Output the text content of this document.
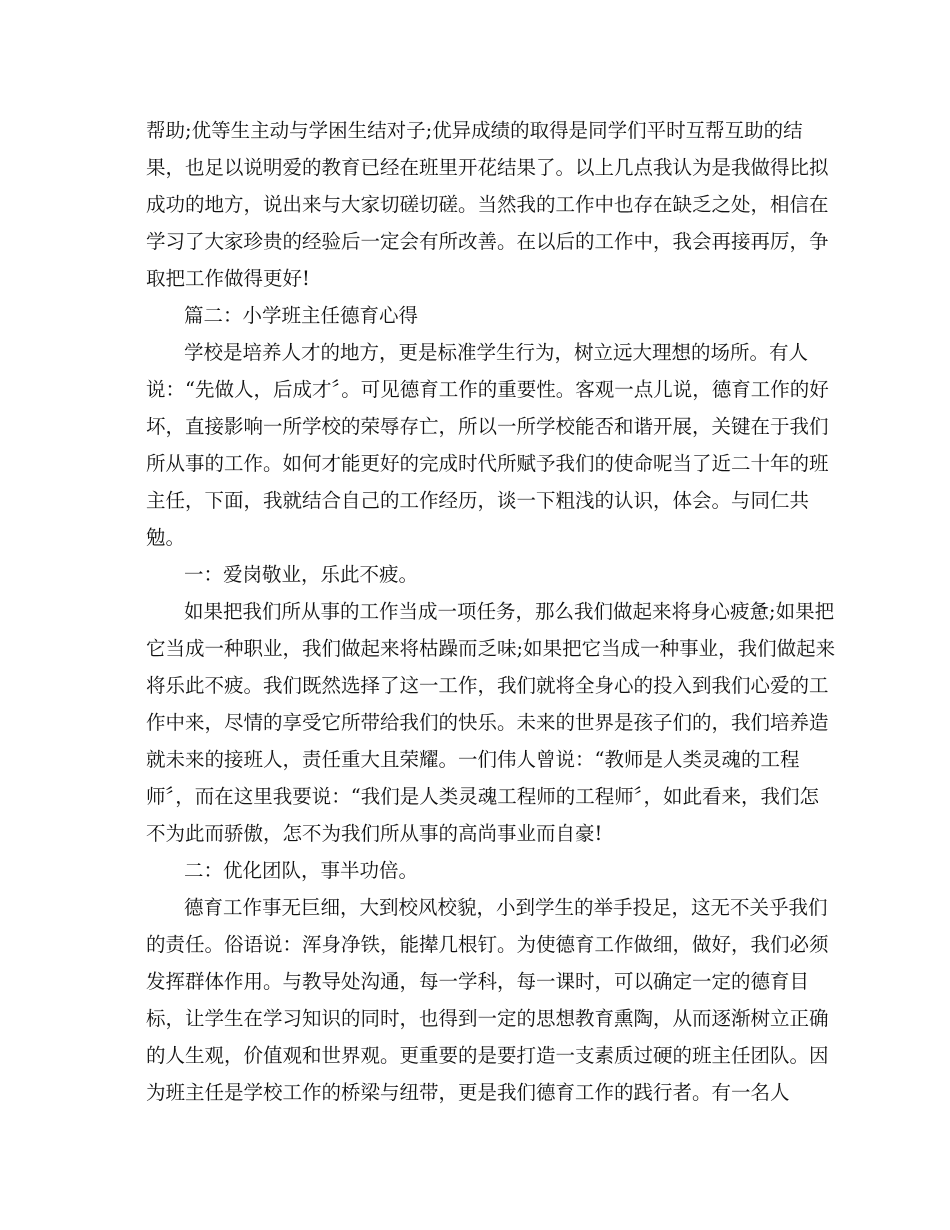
帮助;优等生主动与学困生结对子;优异成绩的取得是同学们平时互帮互助的结
果，也足以说明爱的教育已经在班里开花结果了。以上几点我认为是我做得比拟
成功的地方，说出来与大家切磋切磋。当然我的工作中也存在缺乏之处，相信在
学习了大家珍贵的经验后一定会有所改善。在以后的工作中，我会再接再厉，争
取把工作做得更好!
篇二：小学班主任德育心得
学校是培养人才的地方，更是标准学生行为，树立远大理想的场所。有人
说：“先做人，后成才〞。可见德育工作的重要性。客观一点儿说，德育工作的好
坏，直接影响一所学校的荣辱存亡，所以一所学校能否和谐开展，关键在于我们
所从事的工作。如何才能更好的完成时代所赋予我们的使命呢当了近二十年的班
主任，下面，我就结合自己的工作经历，谈一下粗浅的认识，体会。与同仁共
勉。
一：爱岗敬业，乐此不疲。
如果把我们所从事的工作当成一项任务，那么我们做起来将身心疲惫;如果把
它当成一种职业，我们做起来将枯躁而乏味;如果把它当成一种事业，我们做起来
将乐此不疲。我们既然选择了这一工作，我们就将全身心的投入到我们心爱的工
作中来，尽情的享受它所带给我们的快乐。未来的世界是孩子们的，我们培养造
就未来的接班人，责任重大且荣耀。一们伟人曾说：“教师是人类灵魂的工程
师〞，而在这里我要说：“我们是人类灵魂工程师的工程师〞，如此看来，我们怎
不为此而骄傲，怎不为我们所从事的高尚事业而自豪!
二：优化团队，事半功倍。
德育工作事无巨细，大到校风校貌，小到学生的举手投足，这无不关乎我们
的责任。俗语说：浑身净铁，能撵几根钉。为使德育工作做细，做好，我们必须
发挥群体作用。与教导处沟通，每一学科，每一课时，可以确定一定的德育目
标，让学生在学习知识的同时，也得到一定的思想教育熏陶，从而逐渐树立正确
的人生观，价值观和世界观。更重要的是要打造一支素质过硬的班主任团队。因
为班主任是学校工作的桥梁与纽带，更是我们德育工作的践行者。有一名人
